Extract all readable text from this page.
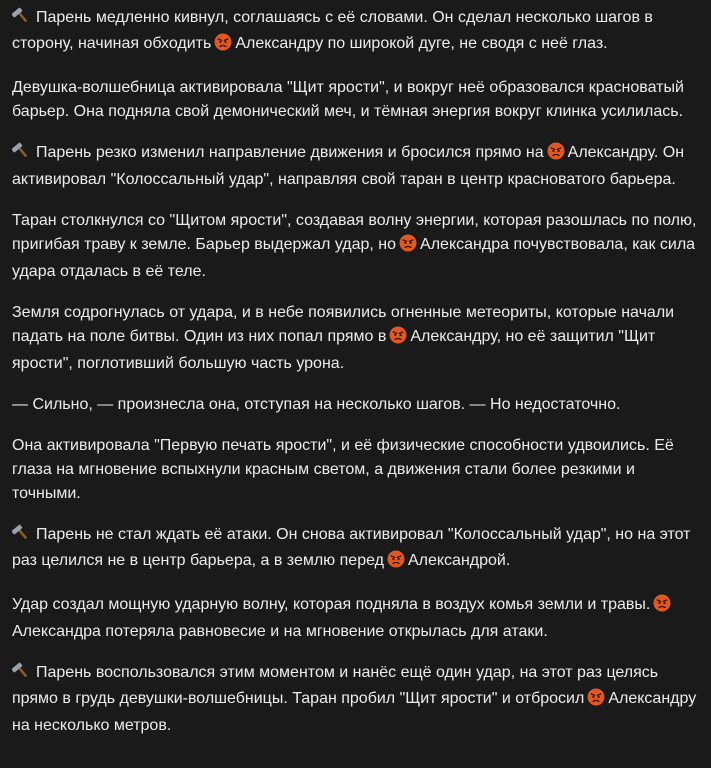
Парень медленно кивнул, соглашаясь с её словами. Он сделал несколько шагов в сторону, начиная обходить Александру по широкой дуге, не сводя с неё глаз.

Девушка-волшебница активировала "Щит ярости", и вокруг неё образовался красноватый барьер. Она подняла свой демонический меч, и тёмная энергия вокруг клинка усилилась.

Парень резко изменил направление движения и бросился прямо на Александру. Он активировал "Колоссальный удар", направляя свой таран в центр красноватого барьера.

Таран столкнулся со "Щитом ярости", создавая волну энергии, которая разошлась по полю, пригибая траву к земле. Барьер выдержал удар, но Александра почувствовала, как сила удара отдалась в её теле.

Земля содрогнулась от удара, и в небе появились огненные метеориты, которые начали падать на поле битвы. Один из них попал прямо в Александру, но её защитил "Щит ярости", поглотивший большую часть урона.

— Сильно, — произнесла она, отступая на несколько шагов. — Но недостаточно.

Она активировала "Первую печать ярости", и её физические способности удвоились. Её глаза на мгновение вспыхнули красным светом, а движения стали более резкими и точными.

Парень не стал ждать её атаки. Он снова активировал "Колоссальный удар", но на этот раз целился не в центр барьера, а в землю перед Александрой.

Удар создал мощную ударную волну, которая подняла в воздух комья земли и травы.Александра потеряла равновесие и на мгновение открылась для атаки.

Парень воспользовался этим моментом и нанёс ещё один удар, на этот раз целясь прямо в грудь девушки-волшебницы. Таран пробил "Щит ярости" и отбросил Александру на несколько метров.
